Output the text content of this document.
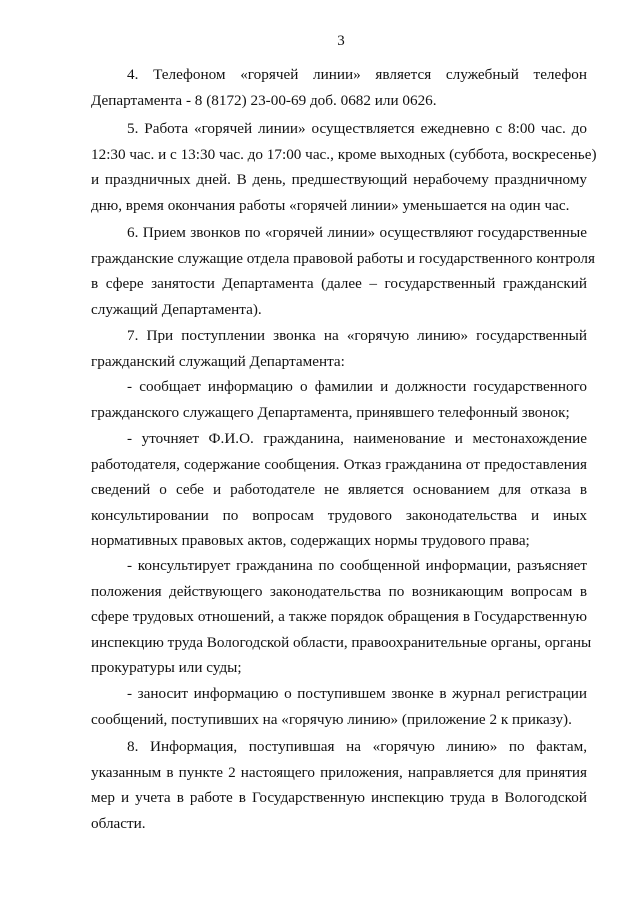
3
4. Телефоном «горячей линии» является служебный телефон
Департамента - 8 (8172) 23-00-69 доб. 0682 или 0626.
5. Работа «горячей линии» осуществляется ежедневно с 8:00 час. до
12:30 час. и с 13:30 час. до 17:00 час., кроме выходных (суббота, воскресенье)
и праздничных дней. В день, предшествующий нерабочему праздничному
дню, время окончания работы «горячей линии» уменьшается на один час.
6. Прием звонков по «горячей линии» осуществляют государственные
гражданские служащие отдела правовой работы и государственного контроля
в сфере занятости Департамента (далее – государственный гражданский
служащий Департамента).
7. При поступлении звонка на «горячую линию» государственный
гражданский служащий Департамента:
- сообщает информацию о фамилии и должности государственного
гражданского служащего Департамента, принявшего телефонный звонок;
- уточняет Ф.И.О. гражданина, наименование и местонахождение
работодателя, содержание сообщения. Отказ гражданина от предоставления
сведений о себе и работодателе не является основанием для отказа в
консультировании по вопросам трудового законодательства и иных
нормативных правовых актов, содержащих нормы трудового права;
- консультирует гражданина по сообщенной информации, разъясняет
положения действующего законодательства по возникающим вопросам в
сфере трудовых отношений, а также порядок обращения в Государственную
инспекцию труда Вологодской области, правоохранительные органы, органы
прокуратуры или суды;
- заносит информацию о поступившем звонке в журнал регистрации
сообщений, поступивших на «горячую линию» (приложение 2 к приказу).
8. Информация, поступившая на «горячую линию» по фактам,
указанным в пункте 2 настоящего приложения, направляется для принятия
мер и учета в работе в Государственную инспекцию труда в Вологодской
области.
